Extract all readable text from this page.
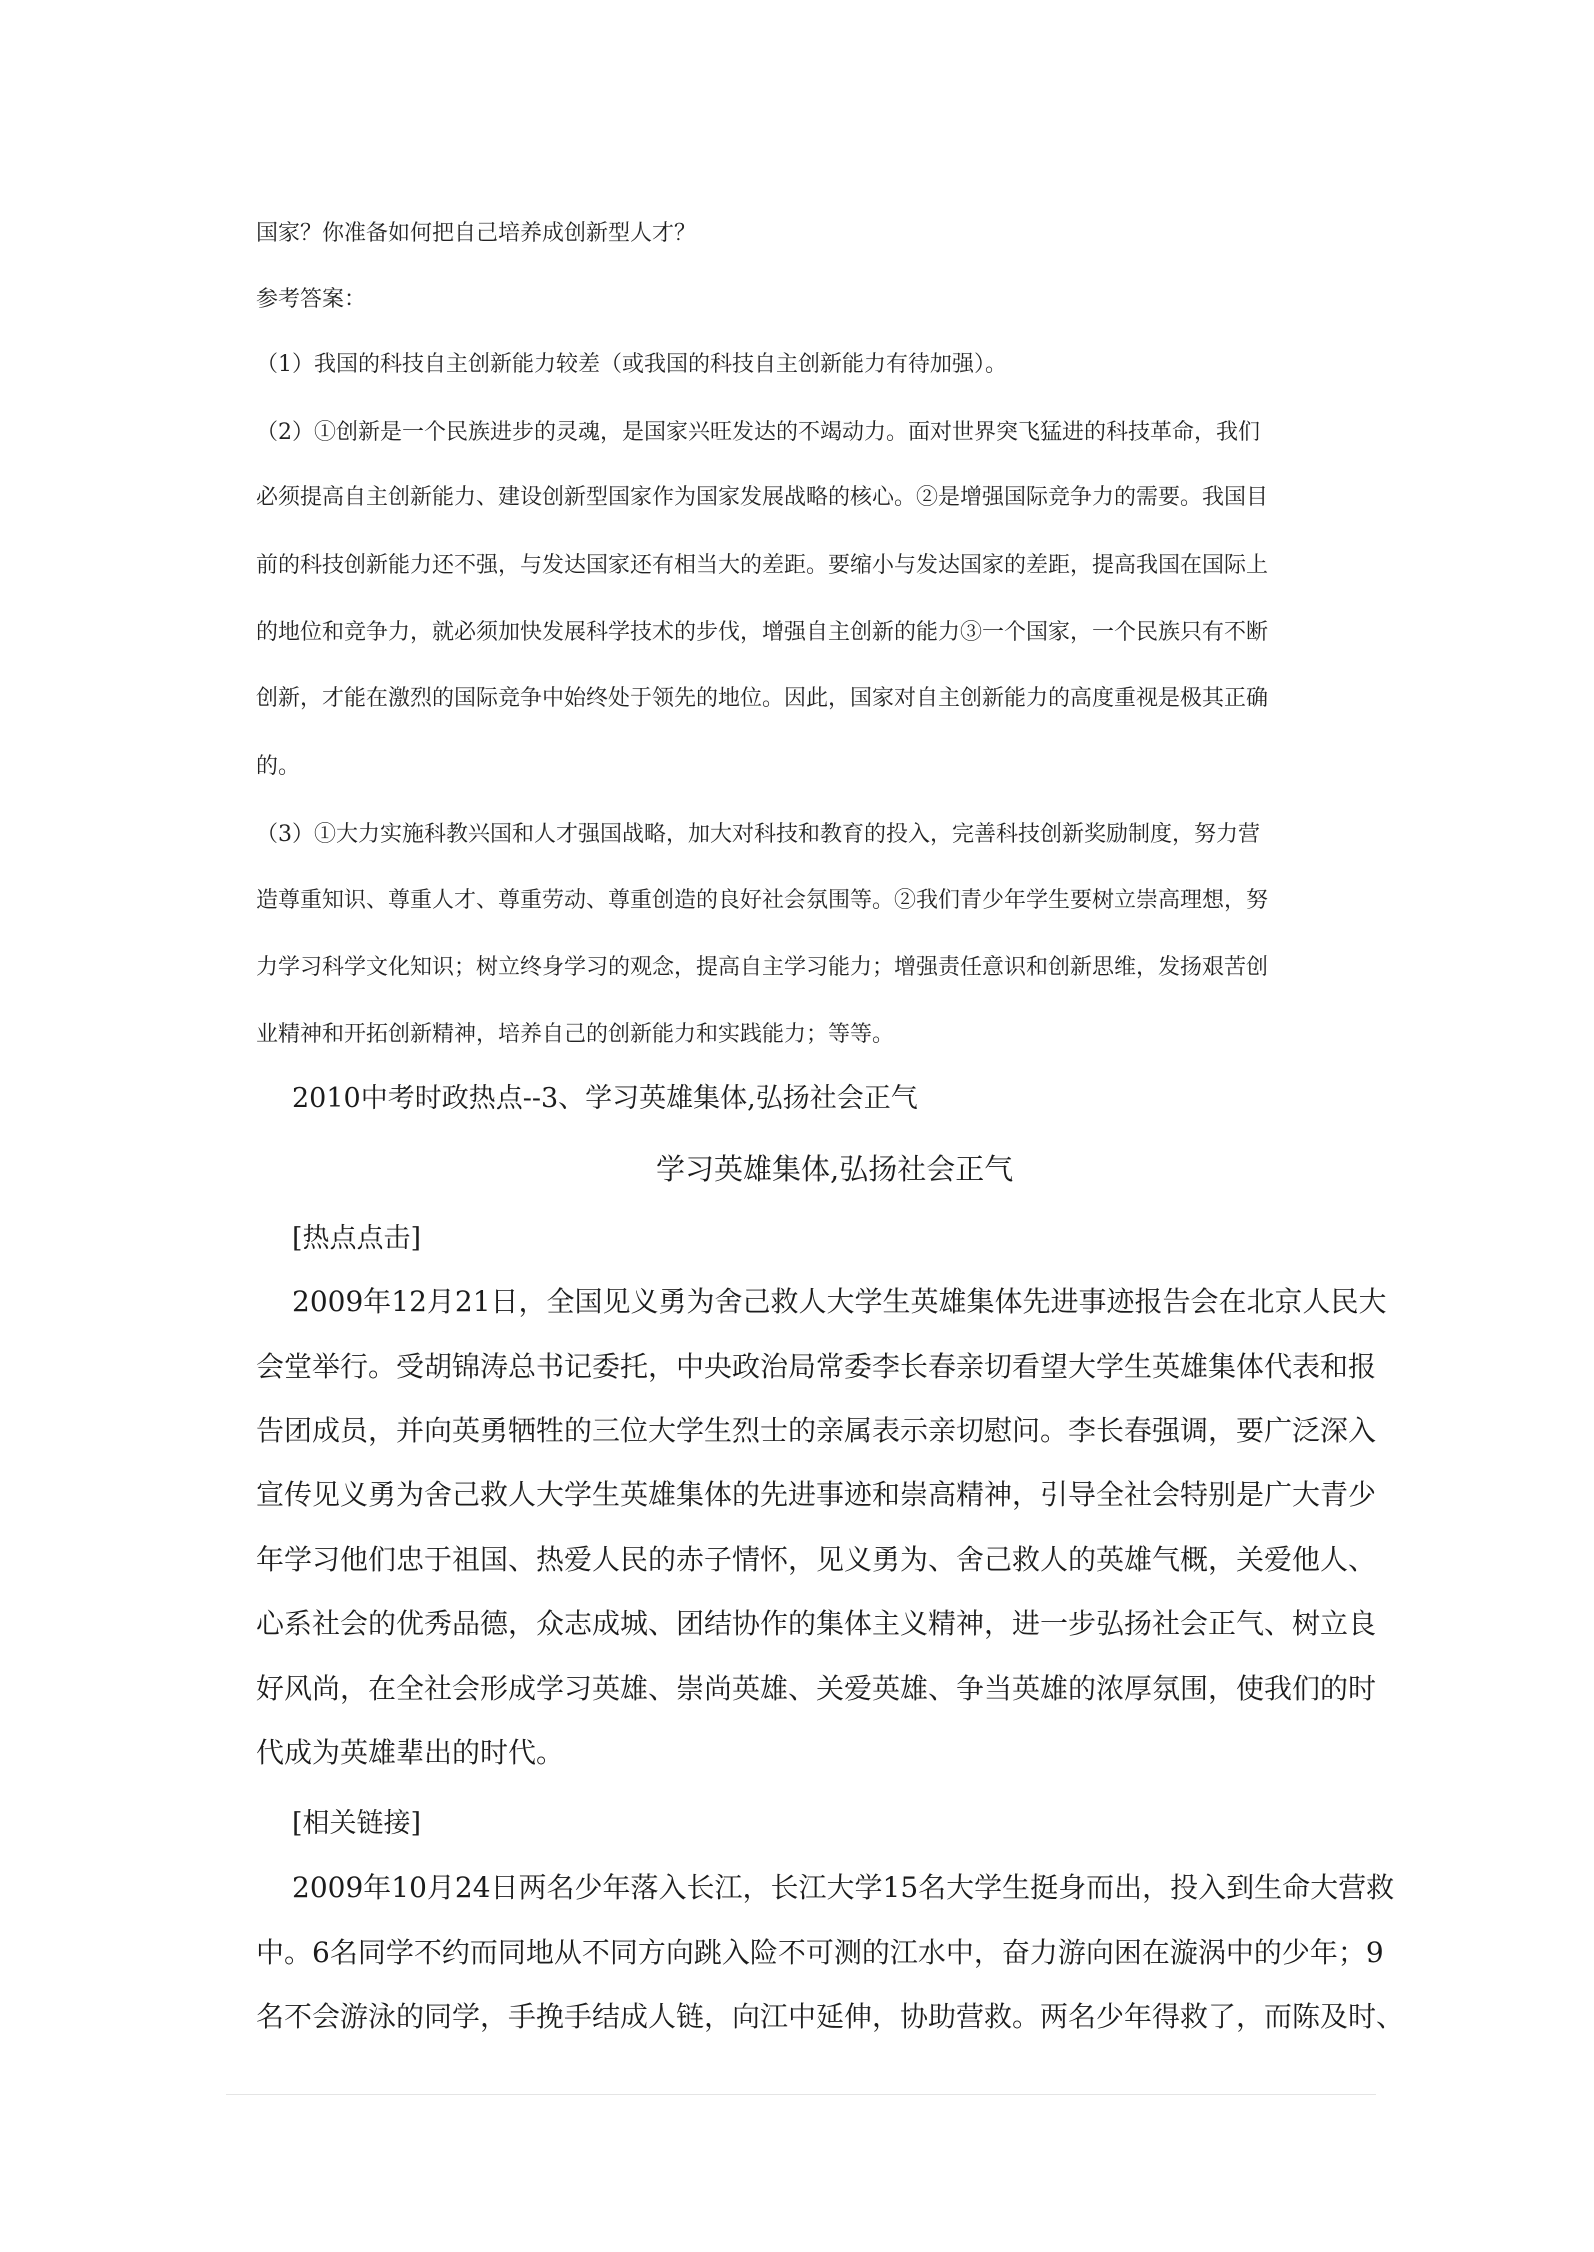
国家？你准备如何把自己培养成创新型人才？

参考答案：

（1）我国的科技自主创新能力较差（或我国的科技自主创新能力有待加强）。

（2）①创新是一个民族进步的灵魂，是国家兴旺发达的不竭动力。面对世界突飞猛进的科技革命，我们

必须提高自主创新能力、建设创新型国家作为国家发展战略的核心。②是增强国际竞争力的需要。我国目

前的科技创新能力还不强，与发达国家还有相当大的差距。要缩小与发达国家的差距，提高我国在国际上

的地位和竞争力，就必须加快发展科学技术的步伐，增强自主创新的能力③一个国家，一个民族只有不断

创新，才能在激烈的国际竞争中始终处于领先的地位。因此，国家对自主创新能力的高度重视是极其正确

的。

（3）①大力实施科教兴国和人才强国战略，加大对科技和教育的投入，完善科技创新奖励制度，努力营

造尊重知识、尊重人才、尊重劳动、尊重创造的良好社会氛围等。②我们青少年学生要树立崇高理想，努

力学习科学文化知识；树立终身学习的观念，提高自主学习能力；增强责任意识和创新思维，发扬艰苦创

业精神和开拓创新精神，培养自己的创新能力和实践能力；等等。

2010中考时政热点--3、学习英雄集体,弘扬社会正气
学习英雄集体,弘扬社会正气

[热点点击]

2009年12月21日，全国见义勇为舍己救人大学生英雄集体先进事迹报告会在北京人民大

会堂举行。受胡锦涛总书记委托，中央政治局常委李长春亲切看望大学生英雄集体代表和报

告团成员，并向英勇牺牲的三位大学生烈士的亲属表示亲切慰问。李长春强调，要广泛深入

宣传见义勇为舍己救人大学生英雄集体的先进事迹和崇高精神，引导全社会特别是广大青少

年学习他们忠于祖国、热爱人民的赤子情怀，见义勇为、舍己救人的英雄气概，关爱他人、

心系社会的优秀品德，众志成城、团结协作的集体主义精神，进一步弘扬社会正气、树立良

好风尚，在全社会形成学习英雄、崇尚英雄、关爱英雄、争当英雄的浓厚氛围，使我们的时

代成为英雄辈出的时代。

[相关链接]

2009年10月24日两名少年落入长江，长江大学15名大学生挺身而出，投入到生命大营救

中。6名同学不约而同地从不同方向跳入险不可测的江水中，奋力游向困在漩涡中的少年；9

名不会游泳的同学，手挽手结成人链，向江中延伸，协助营救。两名少年得救了，而陈及时、
